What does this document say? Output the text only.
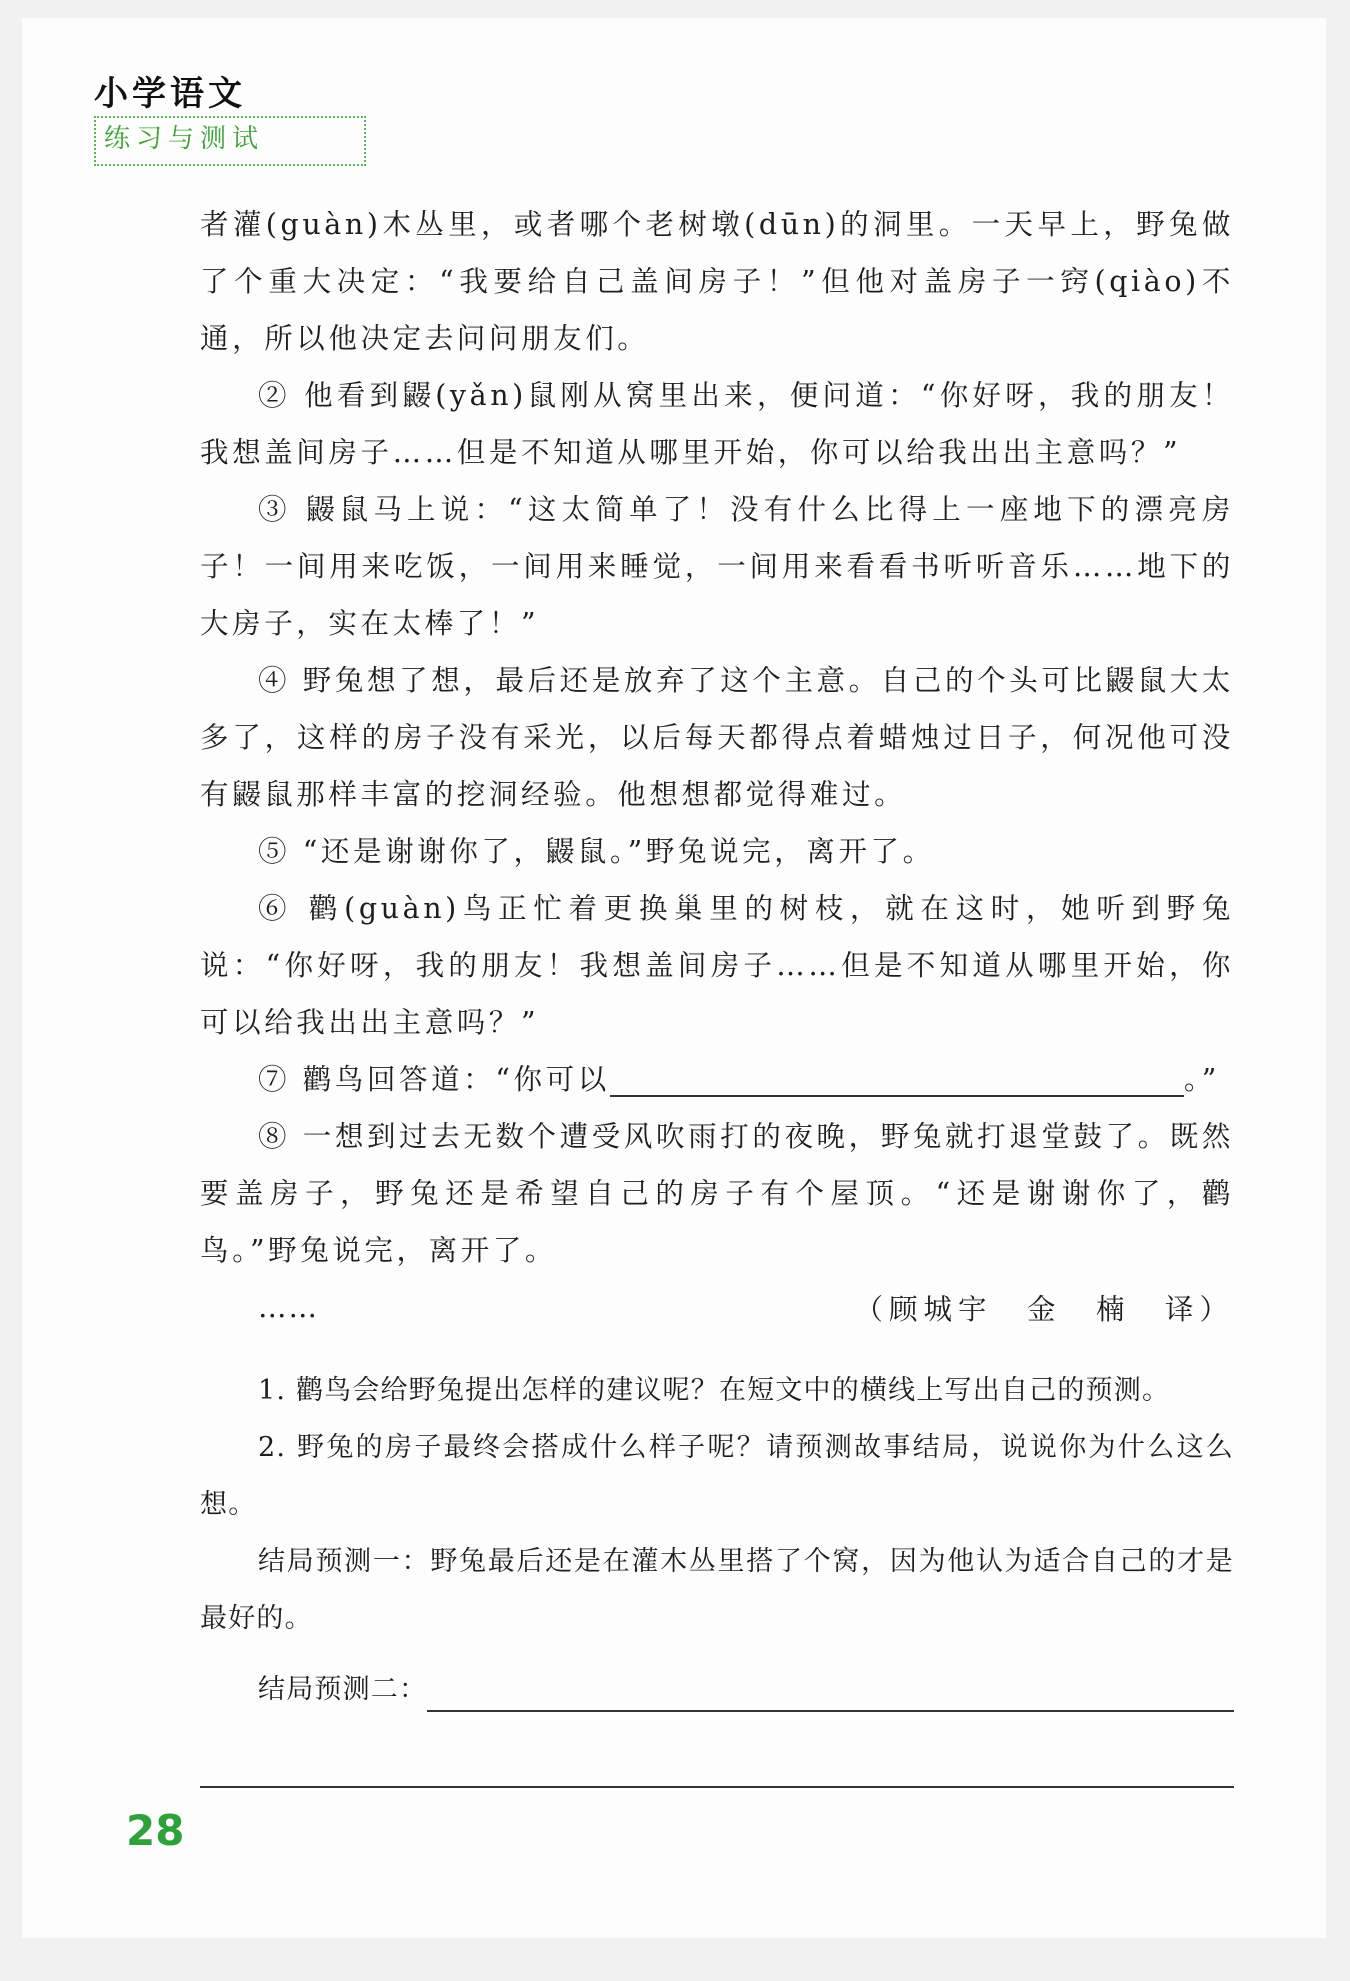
小学语文
练习与测试

者灌(guàn)木丛里，或者哪个老树墩(dūn)的洞里。一天早上，野兔做了个重大决定：“我要给自己盖间房子！”但他对盖房子一窍(qiào)不通，所以他决定去问问朋友们。

② 他看到鼹(yǎn)鼠刚从窝里出来，便问道：“你好呀，我的朋友！我想盖间房子……但是不知道从哪里开始，你可以给我出出主意吗？”

③ 鼹鼠马上说：“这太简单了！没有什么比得上一座地下的漂亮房子！一间用来吃饭，一间用来睡觉，一间用来看看书听听音乐……地下的大房子，实在太棒了！”

④ 野兔想了想，最后还是放弃了这个主意。自己的个头可比鼹鼠大太多了，这样的房子没有采光，以后每天都得点着蜡烛过日子，何况他可没有鼹鼠那样丰富的挖洞经验。他想想都觉得难过。

⑤ “还是谢谢你了，鼹鼠。”野兔说完，离开了。

⑥ 鹳(guàn)鸟正忙着更换巢里的树枝，就在这时，她听到野兔说：“你好呀，我的朋友！我想盖间房子……但是不知道从哪里开始，你可以给我出出主意吗？”

⑦ 鹳鸟回答道：“你可以	。”

⑧ 一想到过去无数个遭受风吹雨打的夜晚，野兔就打退堂鼓了。既然要盖房子，野兔还是希望自己的房子有个屋顶。“还是谢谢你了，鹳鸟。”野兔说完，离开了。

……	（顾城宇　金　楠　译）

1. 鹳鸟会给野兔提出怎样的建议呢？在短文中的横线上写出自己的预测。

2. 野兔的房子最终会搭成什么样子呢？请预测故事结局，说说你为什么这么想。

结局预测一：野兔最后还是在灌木丛里搭了个窝，因为他认为适合自己的才是最好的。

结局预测二：
28
